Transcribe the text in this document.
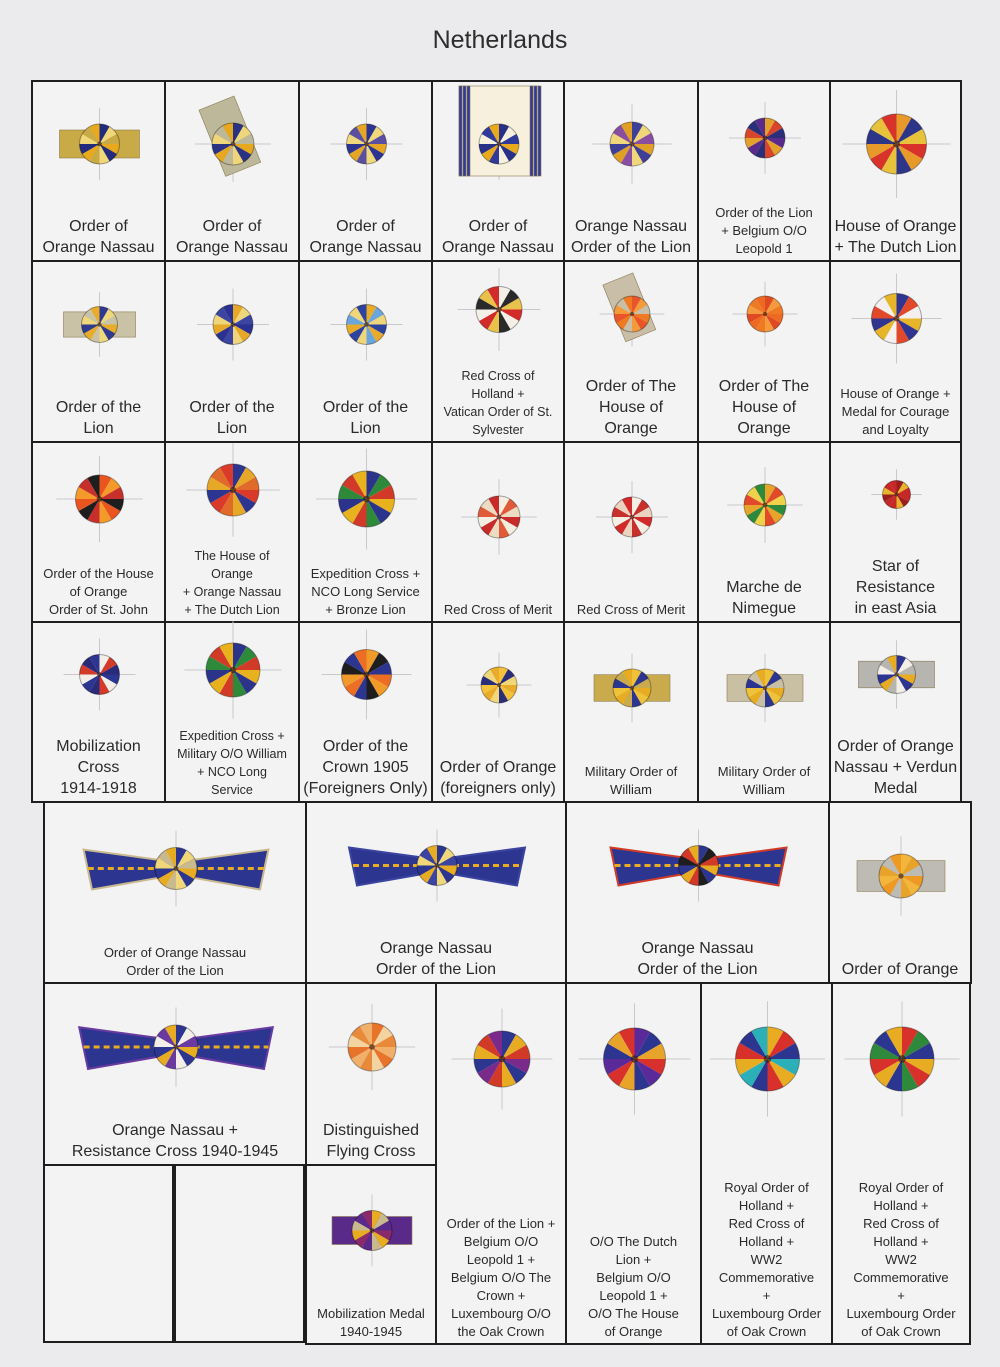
Netherlands
Order of
Orange Nassau
Order of
Orange Nassau
Order of
Orange Nassau
Order of
Orange Nassau
Orange Nassau
Order of the Lion
Order of the Lion
+ Belgium O/O
Leopold 1
House of Orange
+ The Dutch Lion
Order of the
Lion
Order of the
Lion
Order of the
Lion
Red Cross of
Holland +
Vatican Order of St.
Sylvester
Order of The
House of
Orange
Order of The
House of
Orange
House of Orange +
Medal for Courage
and Loyalty
Order of the House
of Orange
Order of St. John
The House of
Orange
+ Orange Nassau
+ The Dutch Lion
Expedition Cross +
NCO Long Service
+ Bronze Lion	Red Cross of Merit	Red Cross of Merit
Marche de
Nimegue
Star of
Resistance
in east Asia
Mobilization
Cross
1914-1918
Expedition Cross +
Military O/O William
+ NCO Long
Service
Order of the
Crown 1905
(Foreigners Only)
Order of Orange
(foreigners only)
Military Order of
William
Military Order of
William
Order of Orange
Nassau + Verdun
Medal
Order of Orange Nassau
Order of the Lion
Orange Nassau
Order of the Lion
Orange Nassau
Order of the Lion	Order of Orange
Orange Nassau +
Resistance Cross 1940-1945
Distinguished
Flying Cross
Mobilization Medal
1940-1945
Order of the Lion +
Belgium O/O
Leopold 1 +
Belgium O/O The
Crown +
Luxembourg O/O
the Oak Crown
O/O The Dutch
Lion +
Belgium O/O
Leopold 1 +
O/O The House
of Orange
Royal Order of
Holland +
Red Cross of
Holland +
WW2
Commemorative
+
Luxembourg Order
of Oak Crown
Royal Order of
Holland +
Red Cross of
Holland +
WW2
Commemorative
+
Luxembourg Order
of Oak Crown
